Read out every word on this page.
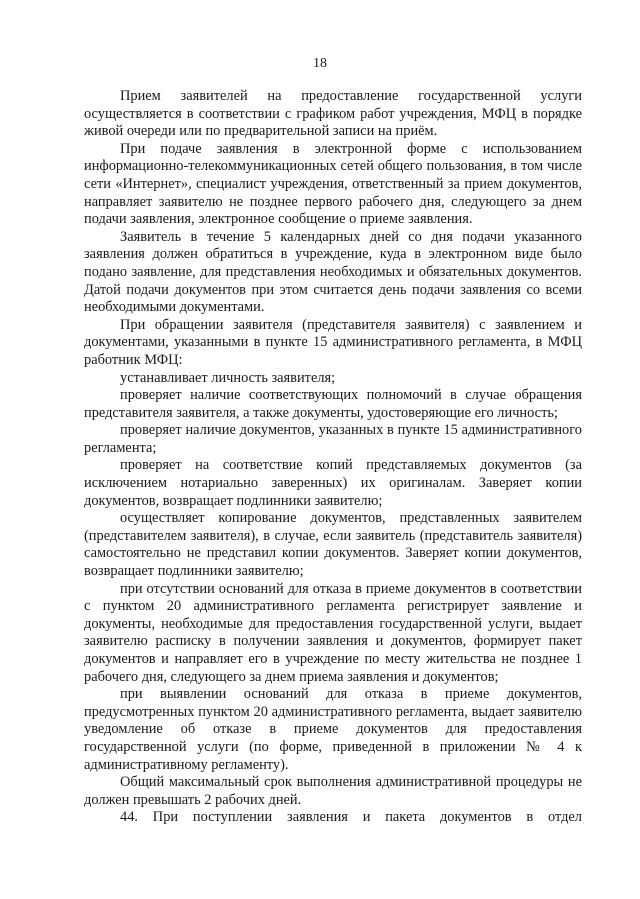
18

Прием заявителей на предоставление государственной услуги осуществляется в соответствии с графиком работ учреждения, МФЦ в порядке живой очереди или по предварительной записи на приём.

При подаче заявления в электронной форме с использованием информационно-телекоммуникационных сетей общего пользования, в том числе сети «Интернет», специалист учреждения, ответственный за прием документов, направляет заявителю не позднее первого рабочего дня, следующего за днем подачи заявления, электронное сообщение о приеме заявления.

Заявитель в течение 5 календарных дней со дня подачи указанного заявления должен обратиться в учреждение, куда в электронном виде было подано заявление, для представления необходимых и обязательных документов. Датой подачи документов при этом считается день подачи заявления со всеми необходимыми документами.

При обращении заявителя (представителя заявителя) с заявлением и документами, указанными в пункте 15 административного регламента, в МФЦ работник МФЦ:

устанавливает личность заявителя;

проверяет наличие соответствующих полномочий в случае обращения представителя заявителя, а также документы, удостоверяющие его личность;

проверяет наличие документов, указанных в пункте 15 административного регламента;

проверяет на соответствие копий представляемых документов (за исключением нотариально заверенных) их оригиналам. Заверяет копии документов, возвращает подлинники заявителю;

осуществляет копирование документов, представленных заявителем (представителем заявителя), в случае, если заявитель (представитель заявителя) самостоятельно не представил копии документов. Заверяет копии документов, возвращает подлинники заявителю;

при отсутствии оснований для отказа в приеме документов в соответствии с пунктом 20 административного регламента регистрирует заявление и документы, необходимые для предоставления государственной услуги, выдает заявителю расписку в получении заявления и документов, формирует пакет документов и направляет его в учреждение по месту жительства не позднее 1 рабочего дня, следующего за днем приема заявления и документов;

при выявлении оснований для отказа в приеме документов, предусмотренных пунктом 20 административного регламента, выдает заявителю уведомление об отказе в приеме документов для предоставления государственной услуги (по форме, приведенной в приложении № 4 к административному регламенту).

Общий максимальный срок выполнения административной процедуры не должен превышать 2 рабочих дней.

44. При поступлении заявления и пакета документов в отдел
